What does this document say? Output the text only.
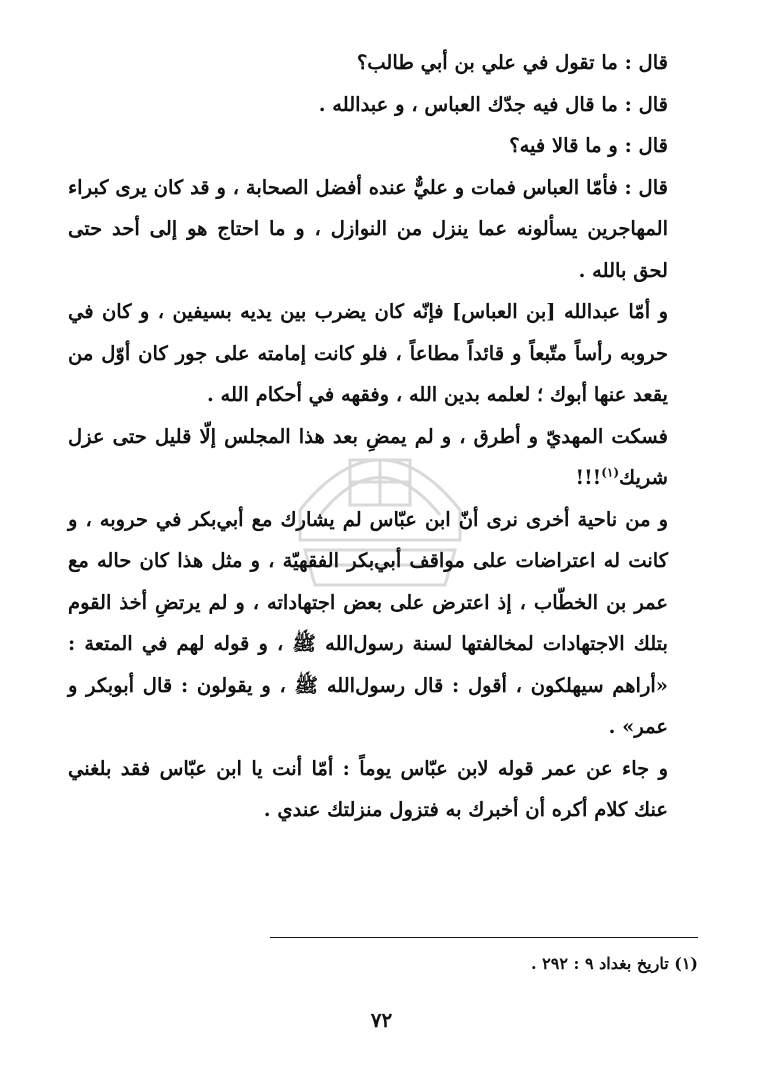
قال : ما تقول في علي بن أبي طالب؟

قال : ما قال فيه جدّك العباس ، و عبدالله .

قال : و ما قالا فيه؟

قال : فأمّا العباس فمات و عليٌّ عنده أفضل الصحابة ، و قد كان يرى كبراء المهاجرين يسألونه عما ينزل من النوازل ، و ما احتاج هو إلى أحد حتى لحق بالله .

و أمّا عبدالله [بن العباس] فإنّه كان يضرب بين يديه بسيفين ، و كان في حروبه رأساً متّبعاً و قائداً مطاعاً ، فلو كانت إمامته على جور كان أوّل من يقعد عنها أبوك ؛ لعلمه بدين الله ، وفقهه في أحكام الله .

فسكت المهديّ و أطرق ، و لم يمضِ بعد هذا المجلس إلّا قليل حتى عزل شريك$^{(١)}$!!!

و من ناحية أخرى نرى أنّ ابن عبّاس لم يشارك مع أبي‌بكر في حروبه ، و كانت له اعتراضات على مواقف أبي‌بكر الفقهيّة ، و مثل هذا كان حاله مع عمر بن الخطّاب ، إذ اعترض على بعض اجتهاداته ، و لم يرتضِ أخذ القوم بتلك الاجتهادات لمخالفتها لسنة رسول‌الله ﷺ ، و قوله لهم في المتعة : «أراهم سيهلكون ، أقول : قال رسول‌الله ﷺ ، و يقولون : قال أبوبكر و عمر» .

و جاء عن عمر قوله لابن عبّاس يوماً : أمّا أنت يا ابن عبّاس فقد بلغني عنك كلام أكره أن أخبرك به فتزول منزلتك عندي .

(١) تاريخ بغداد ٩ : ٢٩٢ .
٧٢
